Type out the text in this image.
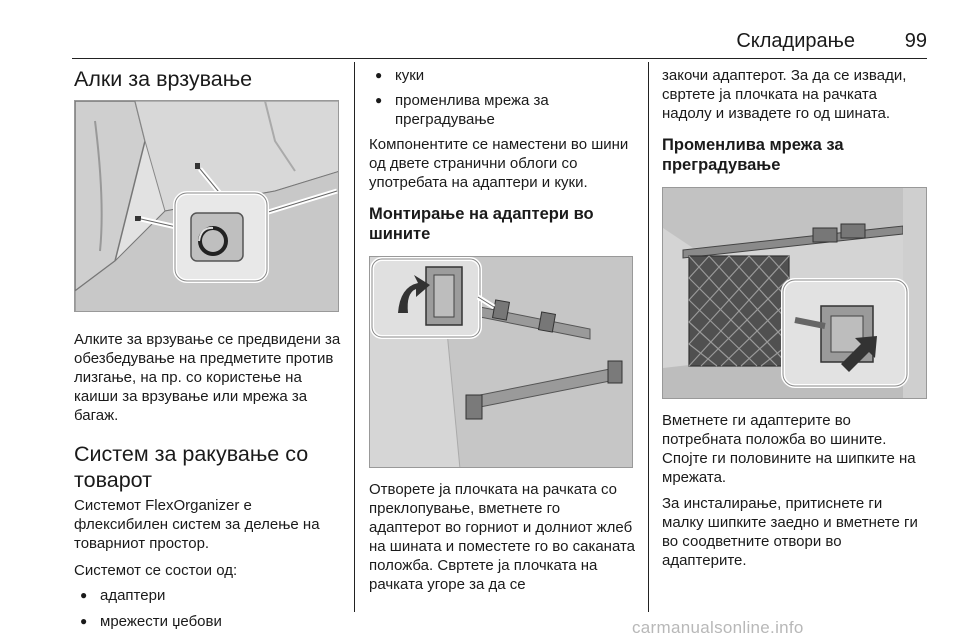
Складирање 99
Алки за врзување

Алките за врзување се предвидени за обезбедување на предметите против лизгање, на пр. со користење на каиши за врзување или мрежа за багаж.

Систем за ракување со товарот

Системот FlexOrganizer е флексибилен систем за делење на товарниот простор.

Системот се состои од:

● адаптери
● мрежести џебови
● куки
● променлива мрежа за преградување

Компонентите се наместени во шини од двете странични облоги со употребата на адаптери и куки.

Монтирање на адаптери во шините

Отворете ја плочката на рачката со преклопување, вметнете го адаптерот во горниот и долниот жлеб на шината и поместете го во саканата положба. Свртете ја плочката на рачката угоре за да се

закочи адаптерот. За да се извади, свртете ја плочката на рачката надолу и извадете го од шината.

Променлива мрежа за преградување

Вметнете ги адаптерите во потребната положба во шините. Спојте ги половините на шипките на мрежата.

За инсталирање, притиснете ги малку шипките заедно и вметнете ги во соодветните отвори во адаптерите.

carmanualsonline.info
